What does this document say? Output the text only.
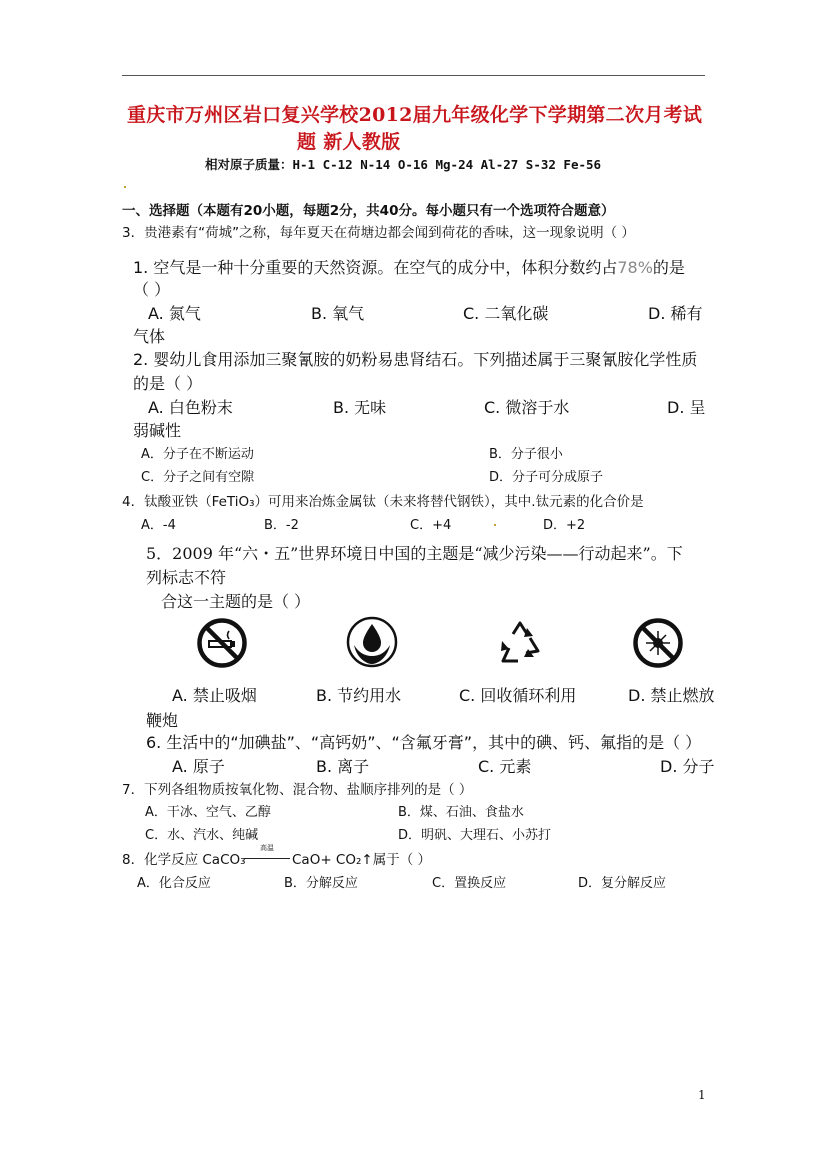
重庆市万州区岩口复兴学校2012届九年级化学下学期第二次月考试
题 新人教版
相对原子质量：H-1 C-12 N-14 O-16 Mg-24 Al-27 S-32 Fe-56
一、选择题（本题有20小题，每题2分，共40分。每小题只有一个选项符合题意）
3．贵港素有“荷城”之称，每年夏天在荷塘边都会闻到荷花的香味，这一现象说明（ ）
1. 空气是一种十分重要的天然资源。在空气的成分中，体积分数约占78%的是
（ ）
A. 氮气	B. 氧气	C. 二氧化碳	D. 稀有
气体
2. 婴幼儿食用添加三聚氰胺的奶粉易患肾结石。下列描述属于三聚氰胺化学性质
的是（ ）
A. 白色粉末	B. 无味	C. 微溶于水	D. 呈
弱碱性
A．分子在不断运动	B．分子很小
C．分子之间有空隙	D．分子可分成原子
4．钛酸亚铁（FeTiO₃）可用来冶炼金属钛（未来将替代钢铁），其中.钛元素的化合价是
A．-4	B．-2	C．+4	D．+2
5．2009 年“六・五”世界环境日中国的主题是“减少污染——行动起来”。下
列标志不符
合这一主题的是（ ）
A. 禁止吸烟	B. 节约用水	C. 回收循环利用	D. 禁止燃放
鞭炮
6. 生活中的“加碘盐”、“高钙奶”、“含氟牙膏”，其中的碘、钙、氟指的是（ ）
A. 原子	B. 离子	C. 元素	D. 分子
7．下列各组物质按氧化物、混合物、盐顺序排列的是（ ）
A．干冰、空气、乙醇	B．煤、石油、食盐水
C．水、汽水、纯碱	D．明矾、大理石、小苏打
8．化学反应 CaCO₃
高温
CaO+ CO₂↑属于（ ）
A．化合反应	B．分解反应	C．置换反应	D．复分解反应
1
